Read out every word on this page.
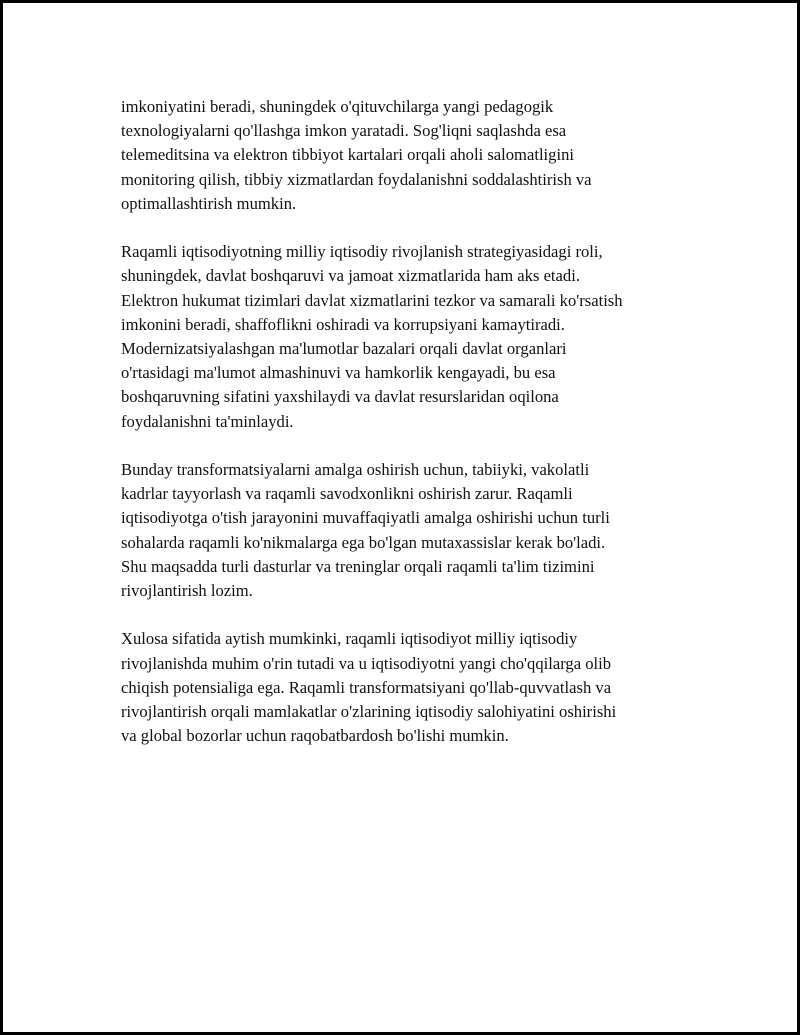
imkoniyatini beradi, shuningdek o'qituvchilarga yangi pedagogik
texnologiyalarni qo'llashga imkon yaratadi. Sog'liqni saqlashda esa
telemeditsina va elektron tibbiyot kartalari orqali aholi salomatligini
monitoring qilish, tibbiy xizmatlardan foydalanishni soddalashtirish va
optimallashtirish mumkin.

Raqamli iqtisodiyotning milliy iqtisodiy rivojlanish strategiyasidagi roli,
shuningdek, davlat boshqaruvi va jamoat xizmatlarida ham aks etadi.
Elektron hukumat tizimlari davlat xizmatlarini tezkor va samarali ko'rsatish
imkonini beradi, shaffoflikni oshiradi va korrupsiyani kamaytiradi.
Modernizatsiyalashgan ma'lumotlar bazalari orqali davlat organlari
o'rtasidagi ma'lumot almashinuvi va hamkorlik kengayadi, bu esa
boshqaruvning sifatini yaxshilaydi va davlat resurslaridan oqilona
foydalanishni ta'minlaydi.

Bunday transformatsiyalarni amalga oshirish uchun, tabiiyki, vakolatli
kadrlar tayyorlash va raqamli savodxonlikni oshirish zarur. Raqamli
iqtisodiyotga o'tish jarayonini muvaffaqiyatli amalga oshirishi uchun turli
sohalarda raqamli ko'nikmalarga ega bo'lgan mutaxassislar kerak bo'ladi.
Shu maqsadda turli dasturlar va treninglar orqali raqamli ta'lim tizimini
rivojlantirish lozim.

Xulosa sifatida aytish mumkinki, raqamli iqtisodiyot milliy iqtisodiy
rivojlanishda muhim o'rin tutadi va u iqtisodiyotni yangi cho'qqilarga olib
chiqish potensialiga ega. Raqamli transformatsiyani qo'llab-quvvatlash va
rivojlantirish orqali mamlakatlar o'zlarining iqtisodiy salohiyatini oshirishi
va global bozorlar uchun raqobatbardosh bo'lishi mumkin.
